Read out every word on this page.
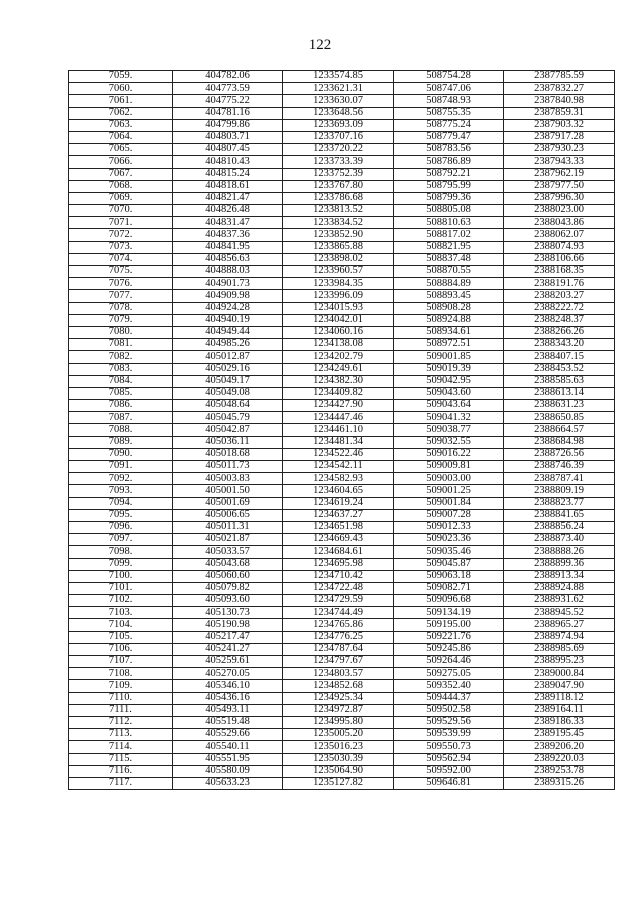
122
7059.	404782.06	1233574.85	508754.28	2387785.59
7060.	404773.59	1233621.31	508747.06	2387832.27
7061.	404775.22	1233630.07	508748.93	2387840.98
7062.	404781.16	1233648.56	508755.35	2387859.31
7063.	404799.86	1233693.09	508775.24	2387903.32
7064.	404803.71	1233707.16	508779.47	2387917.28
7065.	404807.45	1233720.22	508783.56	2387930.23
7066.	404810.43	1233733.39	508786.89	2387943.33
7067.	404815.24	1233752.39	508792.21	2387962.19
7068.	404818.61	1233767.80	508795.99	2387977.50
7069.	404821.47	1233786.68	508799.36	2387996.30
7070.	404826.48	1233813.52	508805.08	2388023.00
7071.	404831.47	1233834.52	508810.63	2388043.86
7072.	404837.36	1233852.90	508817.02	2388062.07
7073.	404841.95	1233865.88	508821.95	2388074.93
7074.	404856.63	1233898.02	508837.48	2388106.66
7075.	404888.03	1233960.57	508870.55	2388168.35
7076.	404901.73	1233984.35	508884.89	2388191.76
7077.	404909.98	1233996.09	508893.45	2388203.27
7078.	404924.28	1234015.93	508908.28	2388222.72
7079.	404940.19	1234042.01	508924.88	2388248.37
7080.	404949.44	1234060.16	508934.61	2388266.26
7081.	404985.26	1234138.08	508972.51	2388343.20
7082.	405012.87	1234202.79	509001.85	2388407.15
7083.	405029.16	1234249.61	509019.39	2388453.52
7084.	405049.17	1234382.30	509042.95	2388585.63
7085.	405049.08	1234409.82	509043.60	2388613.14
7086.	405048.64	1234427.90	509043.64	2388631.23
7087.	405045.79	1234447.46	509041.32	2388650.85
7088.	405042.87	1234461.10	509038.77	2388664.57
7089.	405036.11	1234481.34	509032.55	2388684.98
7090.	405018.68	1234522.46	509016.22	2388726.56
7091.	405011.73	1234542.11	509009.81	2388746.39
7092.	405003.83	1234582.93	509003.00	2388787.41
7093.	405001.50	1234604.65	509001.25	2388809.19
7094.	405001.69	1234619.24	509001.84	2388823.77
7095.	405006.65	1234637.27	509007.28	2388841.65
7096.	405011.31	1234651.98	509012.33	2388856.24
7097.	405021.87	1234669.43	509023.36	2388873.40
7098.	405033.57	1234684.61	509035.46	2388888.26
7099.	405043.68	1234695.98	509045.87	2388899.36
7100.	405060.60	1234710.42	509063.18	2388913.34
7101.	405079.82	1234722.48	509082.71	2388924.88
7102.	405093.60	1234729.59	509096.68	2388931.62
7103.	405130.73	1234744.49	509134.19	2388945.52
7104.	405190.98	1234765.86	509195.00	2388965.27
7105.	405217.47	1234776.25	509221.76	2388974.94
7106.	405241.27	1234787.64	509245.86	2388985.69
7107.	405259.61	1234797.67	509264.46	2388995.23
7108.	405270.05	1234803.57	509275.05	2389000.84
7109.	405346.10	1234852.68	509352.40	2389047.90
7110.	405436.16	1234925.34	509444.37	2389118.12
7111.	405493.11	1234972.87	509502.58	2389164.11
7112.	405519.48	1234995.80	509529.56	2389186.33
7113.	405529.66	1235005.20	509539.99	2389195.45
7114.	405540.11	1235016.23	509550.73	2389206.20
7115.	405551.95	1235030.39	509562.94	2389220.03
7116.	405580.09	1235064.90	509592.00	2389253.78
7117.	405633.23	1235127.82	509646.81	2389315.26
